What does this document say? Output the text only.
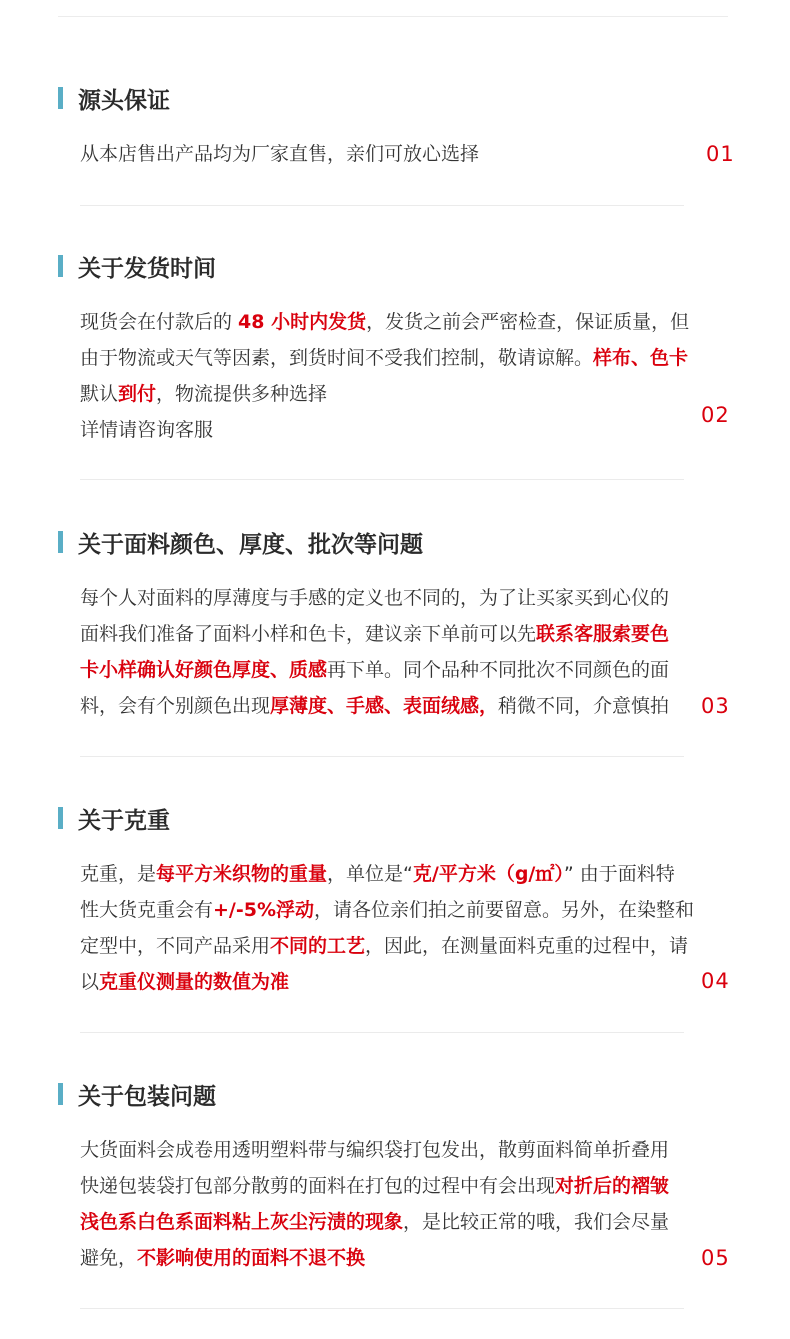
源头保证
从本店售出产品均为厂家直售，亲们可放心选择	01
关于发货时间
现货会在付款后的 48 小时内发货，发货之前会严密检查，保证质量，但
由于物流或天气等因素，到货时间不受我们控制，敬请谅解。样布、色卡
默认到付，物流提供多种选择
详情请咨询客服
02
关于面料颜色、厚度、批次等问题
每个人对面料的厚薄度与手感的定义也不同的，为了让买家买到心仪的
面料我们准备了面料小样和色卡，建议亲下单前可以先联系客服索要色
卡小样确认好颜色厚度、质感再下单。同个品种不同批次不同颜色的面
料，会有个别颜色出现厚薄度、手感、表面绒感，稍微不同，介意慎拍	03
关于克重
克重，是每平方米织物的重量，单位是“克/平方米（g/㎡）” 由于面料特
性大货克重会有+/-5%浮动，请各位亲们拍之前要留意。另外，在染整和
定型中，不同产品采用不同的工艺，因此，在测量面料克重的过程中，请
以克重仪测量的数值为准	04
关于包装问题
大货面料会成卷用透明塑料带与编织袋打包发出，散剪面料简单折叠用
快递包装袋打包部分散剪的面料在打包的过程中有会出现对折后的褶皱
浅色系白色系面料粘上灰尘污渍的现象，是比较正常的哦，我们会尽量
避免，不影响使用的面料不退不换	05
